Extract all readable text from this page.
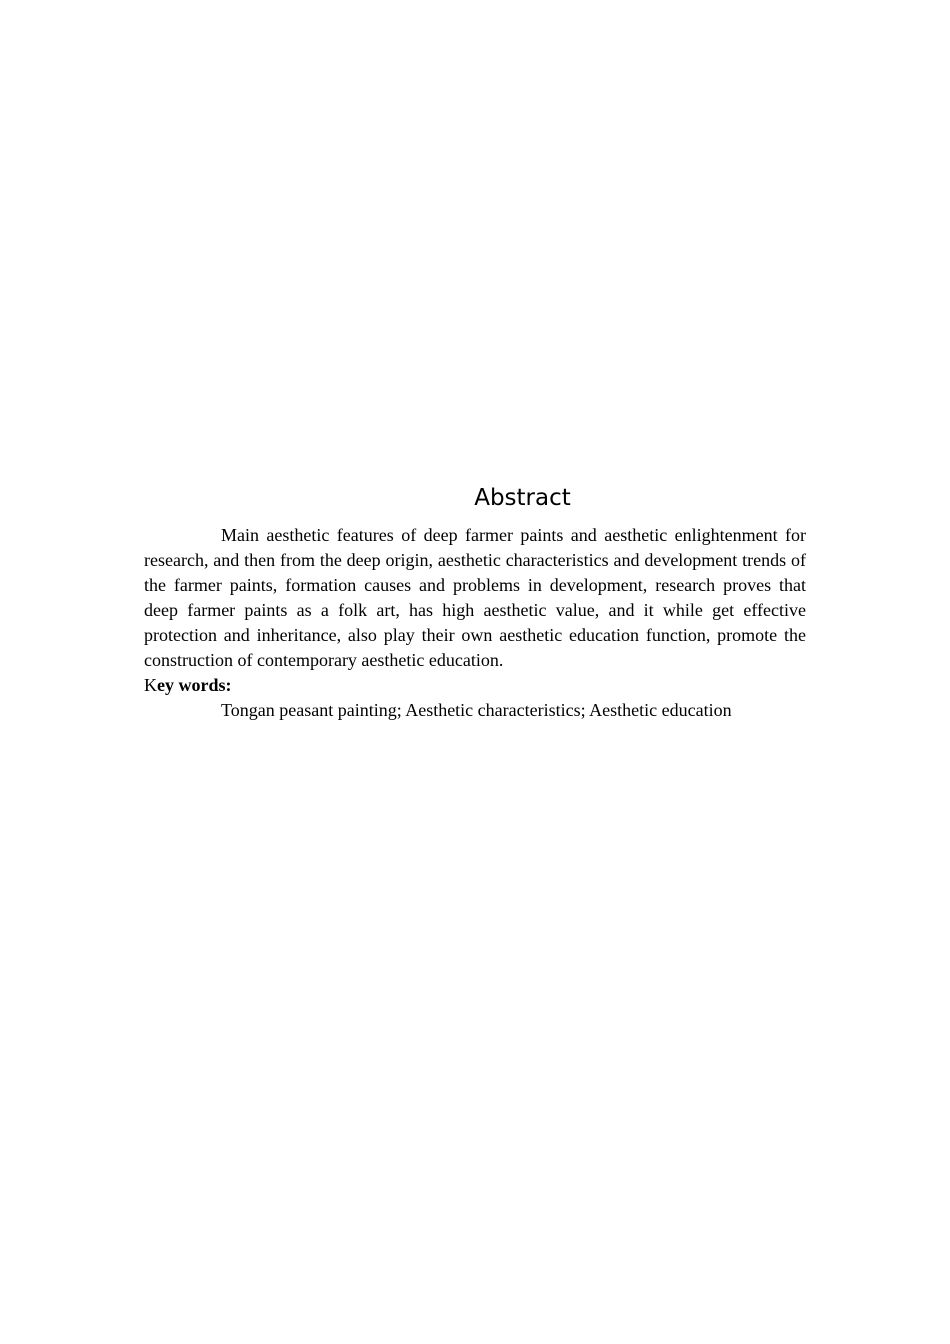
Abstract

Main aesthetic features of deep farmer paints and aesthetic enlightenment for research, and then from the deep origin, aesthetic characteristics and development trends of the farmer paints, formation causes and problems in development, research proves that deep farmer paints as a folk art, has high aesthetic value, and it while get effective protection and inheritance, also play their own aesthetic education function, promote the construction of contemporary aesthetic education.

Key words:

Tongan peasant painting; Aesthetic characteristics; Aesthetic education
